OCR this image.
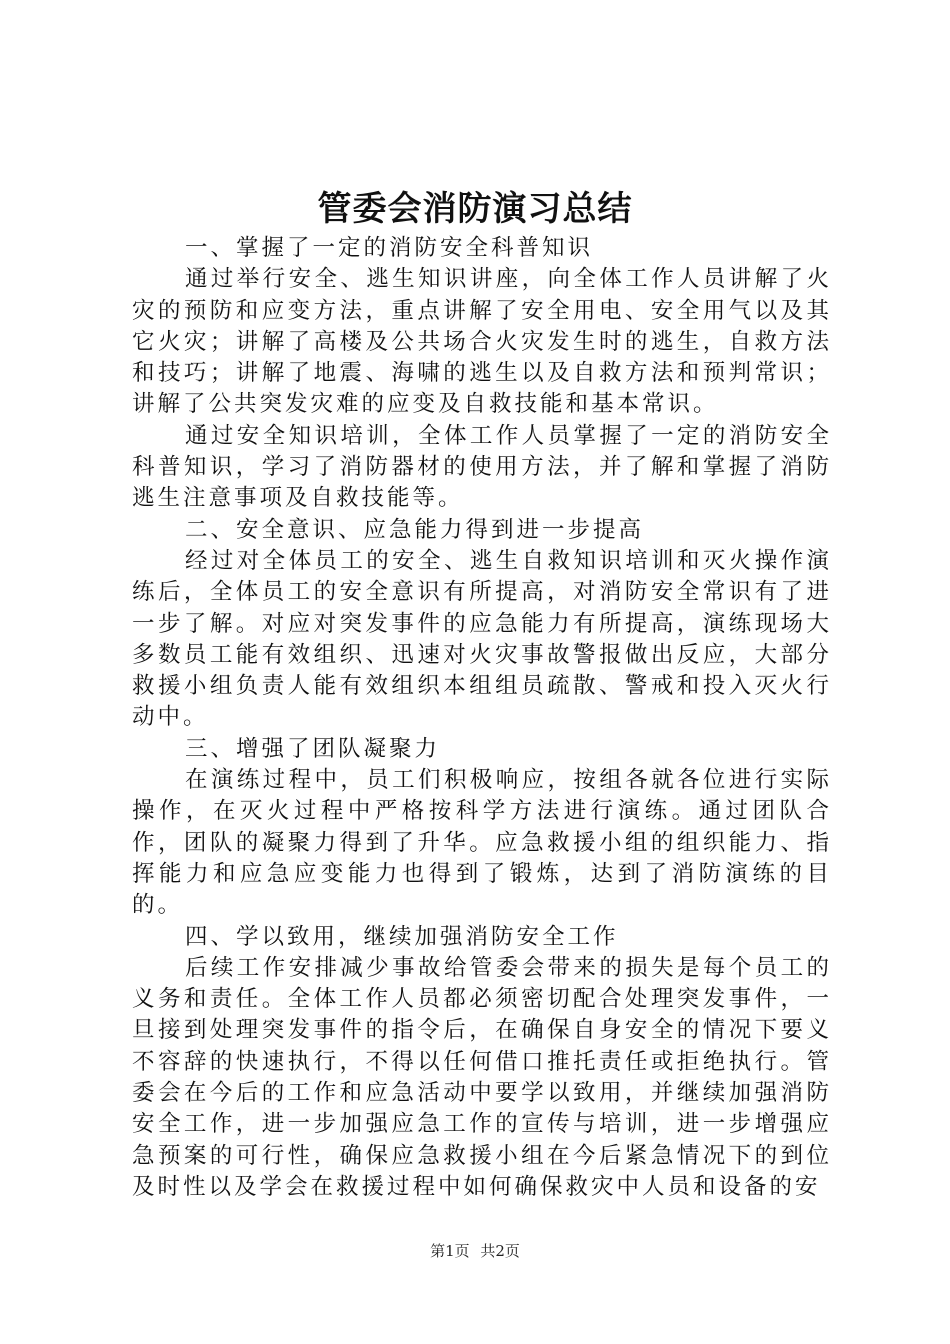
管委会消防演习总结

一、掌握了一定的消防安全科普知识

通过举行安全、逃生知识讲座，向全体工作人员讲解了火灾的预防和应变方法，重点讲解了安全用电、安全用气以及其它火灾；讲解了高楼及公共场合火灾发生时的逃生，自救方法和技巧；讲解了地震、海啸的逃生以及自救方法和预判常识；讲解了公共突发灾难的应变及自救技能和基本常识。

通过安全知识培训，全体工作人员掌握了一定的消防安全科普知识，学习了消防器材的使用方法，并了解和掌握了消防逃生注意事项及自救技能等。

二、安全意识、应急能力得到进一步提高

经过对全体员工的安全、逃生自救知识培训和灭火操作演练后，全体员工的安全意识有所提高，对消防安全常识有了进一步了解。对应对突发事件的应急能力有所提高，演练现场大多数员工能有效组织、迅速对火灾事故警报做出反应，大部分救援小组负责人能有效组织本组组员疏散、警戒和投入灭火行动中。

三、增强了团队凝聚力

在演练过程中，员工们积极响应，按组各就各位进行实际操作，在灭火过程中严格按科学方法进行演练。通过团队合作，团队的凝聚力得到了升华。应急救援小组的组织能力、指挥能力和应急应变能力也得到了锻炼，达到了消防演练的目的。

四、学以致用，继续加强消防安全工作

后续工作安排减少事故给管委会带来的损失是每个员工的义务和责任。全体工作人员都必须密切配合处理突发事件，一旦接到处理突发事件的指令后，在确保自身安全的情况下要义不容辞的快速执行，不得以任何借口推托责任或拒绝执行。管委会在今后的工作和应急活动中要学以致用，并继续加强消防安全工作，进一步加强应急工作的宣传与培训，进一步增强应急预案的可行性，确保应急救援小组在今后紧急情况下的到位及时性以及学会在救援过程中如何确保救灾中人员和设备的安

第1页 共2页
